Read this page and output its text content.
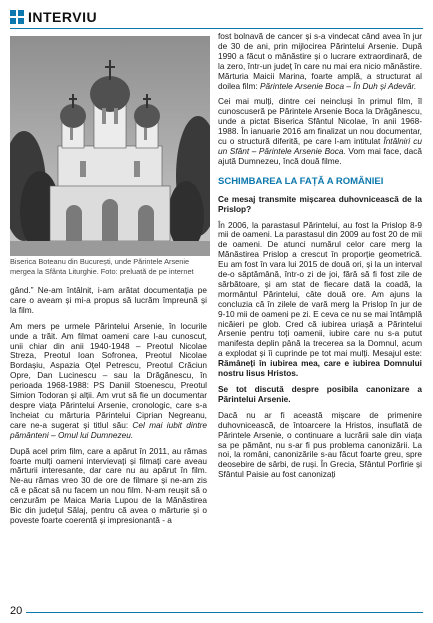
INTERVIU
Biserica Boteanu din București, unde Părintele Arsenie mergea la Sfânta Liturghie. Foto: preluată de pe internet

gând.” Ne-am întâlnit, i-am arătat documentația pe care o aveam și mi-a propus să lucrăm împreună și la film.

Am mers pe urmele Părintelui Arsenie, în locurile unde a trăit. Am filmat oameni care l-au cunoscut, unii chiar din anii 1940-1948 – Preotul Nicolae Streza, Preotul Ioan Sofronea, Preotul Nicolae Bordașiu, Aspazia Oțel Petrescu, Preotul Crăciun Opre, Dan Lucinescu – sau la Drăgănescu, în perioada 1968-1988: PS Daniil Stoenescu, Preotul Simion Todoran și alții. Am vrut să fie un documentar despre viața Părintelui Arsenie, cronologic, care s-a încheiat cu mărturia Părintelui Ciprian Negreanu, care ne-a sugerat și titlul său: Cel mai iubit dintre pământeni – Omul lui Dumnezeu.

După acel prim film, care a apărut în 2011, au rămas foarte mulți oameni intervievați și filmați care aveau mărturii interesante, dar care nu au apărut în film. Ne-au rămas vreo 30 de ore de filmare și ne-am zis că e păcat să nu facem un nou film. N-am reușit să o cenzurăm pe Maica Maria Lupou de la Mănăstirea Bic din județul Sălaj, pentru că avea o mărturie și o poveste foarte coerentă și impresionantă - a

fost bolnavă de cancer și s-a vindecat când avea în jur de 30 de ani, prin mijlocirea Părintelui Arsenie. După 1990 a făcut o mănăstire și o lucrare extraordinară, de la zero, într-un județ în care nu mai era nicio mănăstire. Mărturia Maicii Marina, foarte amplă, a structurat al doilea film: Părintele Arsenie Boca – În Duh și Adevăr.

Cei mai mulți, dintre cei neincluși în primul film, îl cunoscuseră pe Părintele Arsenie Boca la Drăgănescu, unde a pictat Biserica Sfântul Nicolae, în anii 1968-1988. În ianuarie 2016 am finalizat un nou documentar, cu o structură diferită, pe care l-am intitulat Întâlniri cu un Sfânt – Părintele Arsenie Boca. Vom mai face, dacă ajută Dumnezeu, încă două filme.

SCHIMBAREA LA FAȚĂ A ROMÂNIEI

Ce mesaj transmite mișcarea duhovnicească de la Prislop?

În 2006, la parastasul Părintelui, au fost la Prislop 8-9 mii de oameni. La parastasul din 2009 au fost 20 de mii de oameni. De atunci numărul celor care merg la Mănăstirea Prislop a crescut în proporție geometrică. Eu am fost în vara lui 2015 de două ori, și la un interval de-o săptămână, într-o zi de joi, fără să fi fost zile de sărbătoare, și am stat de fiecare dată la coadă, la mormântul Părintelui, câte două ore. Am ajuns la concluzia că în zilele de vară merg la Prislop în jur de 9-10 mii de oameni pe zi. E ceva ce nu se mai întâmplă nicăieri pe glob. Cred că iubirea uriașă a Părintelui Arsenie pentru toți oamenii, iubire care nu s-a putut manifesta deplin până la trecerea sa la Domnul, acum a explodat și îi cuprinde pe tot mai mulți. Mesajul este: Rămâneți în iubirea mea, care e iubirea Domnului nostru Iisus Hristos.

Se tot discută despre posibila canonizare a Părintelui Arsenie.

Dacă nu ar fi această mișcare de primenire duhovnicească, de întoarcere la Hristos, insuflată de Părintele Arsenie, o continuare a lucrării sale din viața sa pe pământ, nu s-ar fi pus problema canonizării. La noi, la români, canonizările s-au făcut foarte greu, spre deosebire de sârbi, de ruși. În Grecia, Sfântul Porfirie și Sfântul Paisie au fost canonizați

20
